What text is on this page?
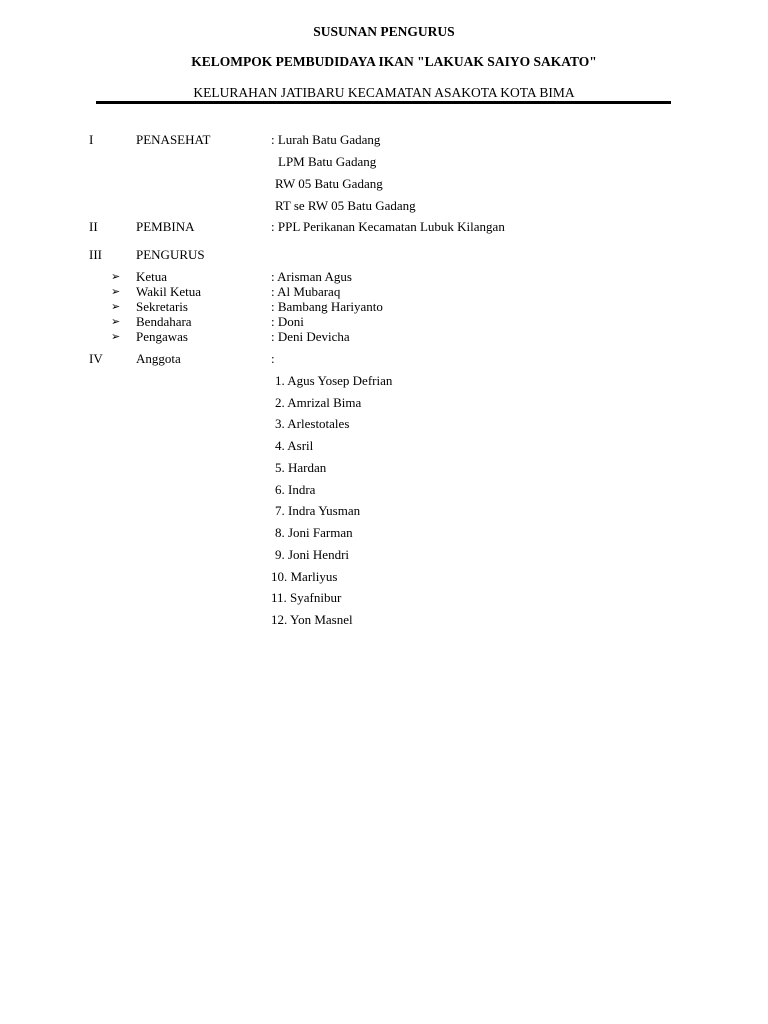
SUSUNAN PENGURUS
KELOMPOK PEMBUDIDAYA IKAN "LAKUAK SAIYO SAKATO"
KELURAHAN JATIBARU KECAMATAN ASAKOTA KOTA BIMA
I	PENASEHAT	: Lurah Batu Gadang
LPM Batu Gadang
RW 05 Batu Gadang
RT se RW 05 Batu Gadang
II	PEMBINA	: PPL Perikanan Kecamatan Lubuk Kilangan
III	PENGURUS
➢ Ketua	: Arisman Agus
➢ Wakil Ketua	: Al Mubaraq
➢ Sekretaris	: Bambang Hariyanto
➢ Bendahara	: Doni
➢ Pengawas	: Deni Devicha
IV	Anggota	:
1. Agus Yosep Defrian
2. Amrizal Bima
3. Arlestotales
4. Asril
5. Hardan
6. Indra
7. Indra Yusman
8. Joni Farman
9. Joni Hendri
10. Marliyus
11. Syafnibur
12. Yon Masnel
